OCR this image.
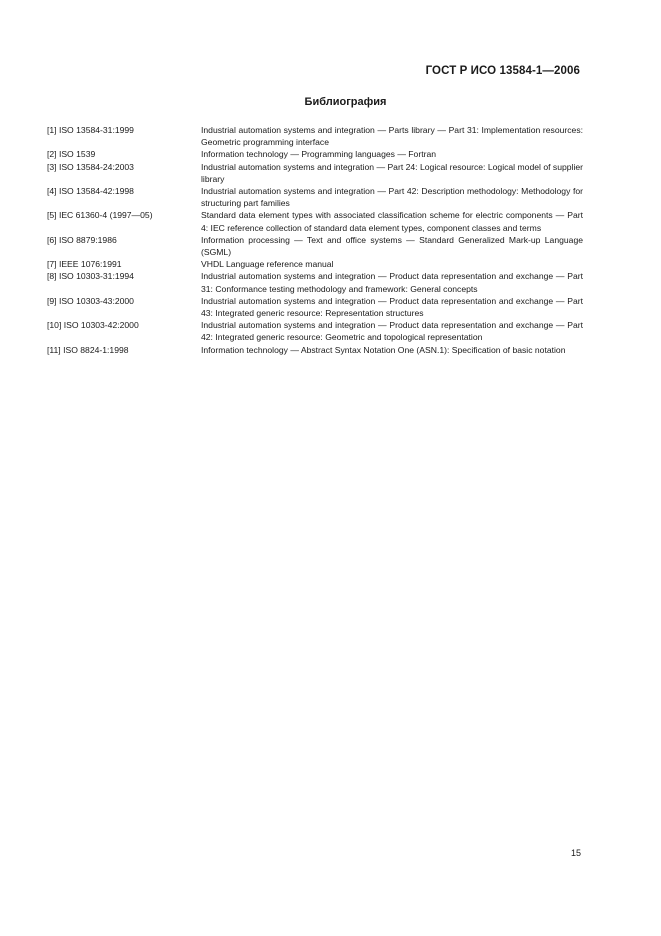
ГОСТ Р ИСО 13584-1—2006
Библиография
[1] ISO 13584-31:1999	Industrial automation systems and integration — Parts library — Part 31: Implementation resources: Geometric programming interface
[2] ISO 1539	Information technology — Programming languages — Fortran
[3] ISO 13584-24:2003	Industrial automation systems and integration — Part 24: Logical resource: Logical model of supplier library
[4] ISO 13584-42:1998	Industrial automation systems and integration — Part 42: Description methodology: Methodology for structuring part families
[5] IEC 61360-4 (1997—05)	Standard data element types with associated classification scheme for electric components — Part 4: IEC reference collection of standard data element types, component classes and terms
[6] ISO 8879:1986	Information processing — Text and office systems — Standard Generalized Mark-up Language (SGML)
[7] IEEE 1076:1991	VHDL Language reference manual
[8] ISO 10303-31:1994	Industrial automation systems and integration — Product data representation and exchange — Part 31: Conformance testing methodology and framework: General concepts
[9] ISO 10303-43:2000	Industrial automation systems and integration — Product data representation and exchange — Part 43: Integrated generic resource: Representation structures
[10] ISO 10303-42:2000	Industrial automation systems and integration — Product data representation and exchange — Part 42: Integrated generic resource: Geometric and topological representation
[11] ISO 8824-1:1998	Information technology — Abstract Syntax Notation One (ASN.1): Specification of basic notation
15
